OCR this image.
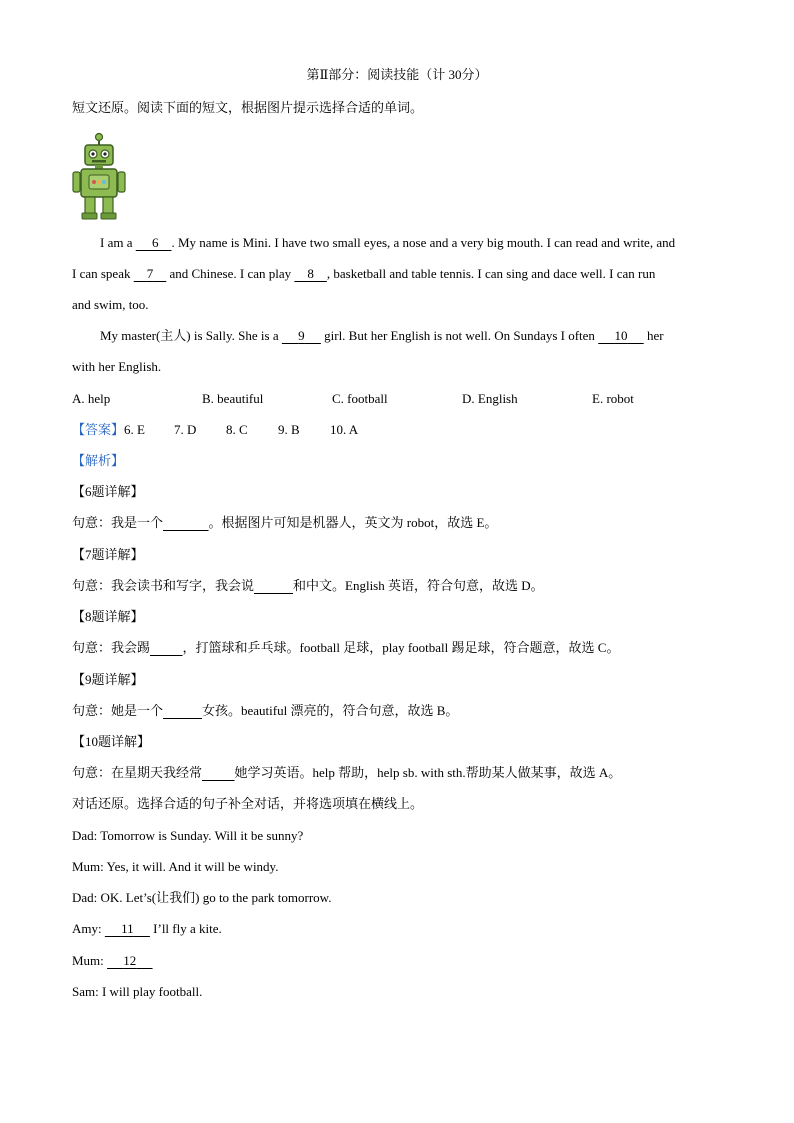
第Ⅱ部分：阅读技能（计 30分）
短文还原。阅读下面的短文，根据图片提示选择合适的单词。
I am a      6 . My name is Mini. I have two small eyes, a nose and a very big mouth. I can read and write, and
I can speak     7     and Chinese. I can play     8 , basketball and table tennis. I can sing and dace well. I can run
and swim, too.
My master(主人) is Sally. She is a      9      girl. But her English is not well. On Sundays I often      10      her
with her English.
A. help	B. beautiful	C. football	D. English	E. robot
【答案】6. E 7. D 8. C 9. B 10. A
【解析】
【6题详解】
句意：我是一个	。根据图片可知是机器人，英文为 robot，故选 E。
【7题详解】
句意：我会读书和写字，我会说	和中文。English 英语，符合句意，故选 D。
【8题详解】
句意：我会踢	，打篮球和乒乓球。football 足球，play football 踢足球，符合题意，故选 C。
【9题详解】
句意：她是一个	女孩。beautiful 漂亮的，符合句意，故选 B。
【10题详解】
句意：在星期天我经常	她学习英语。help 帮助，help sb. with sth.帮助某人做某事，故选 A。
对话还原。选择合适的句子补全对话，并将选项填在横线上。
Dad: Tomorrow is Sunday. Will it be sunny?
Mum: Yes, it will. And it will be windy.
Dad: OK. Let’s(让我们) go to the park tomorrow.
Amy:      11      I’ll fly a kite.
Mum:      12
Sam: I will play football.
